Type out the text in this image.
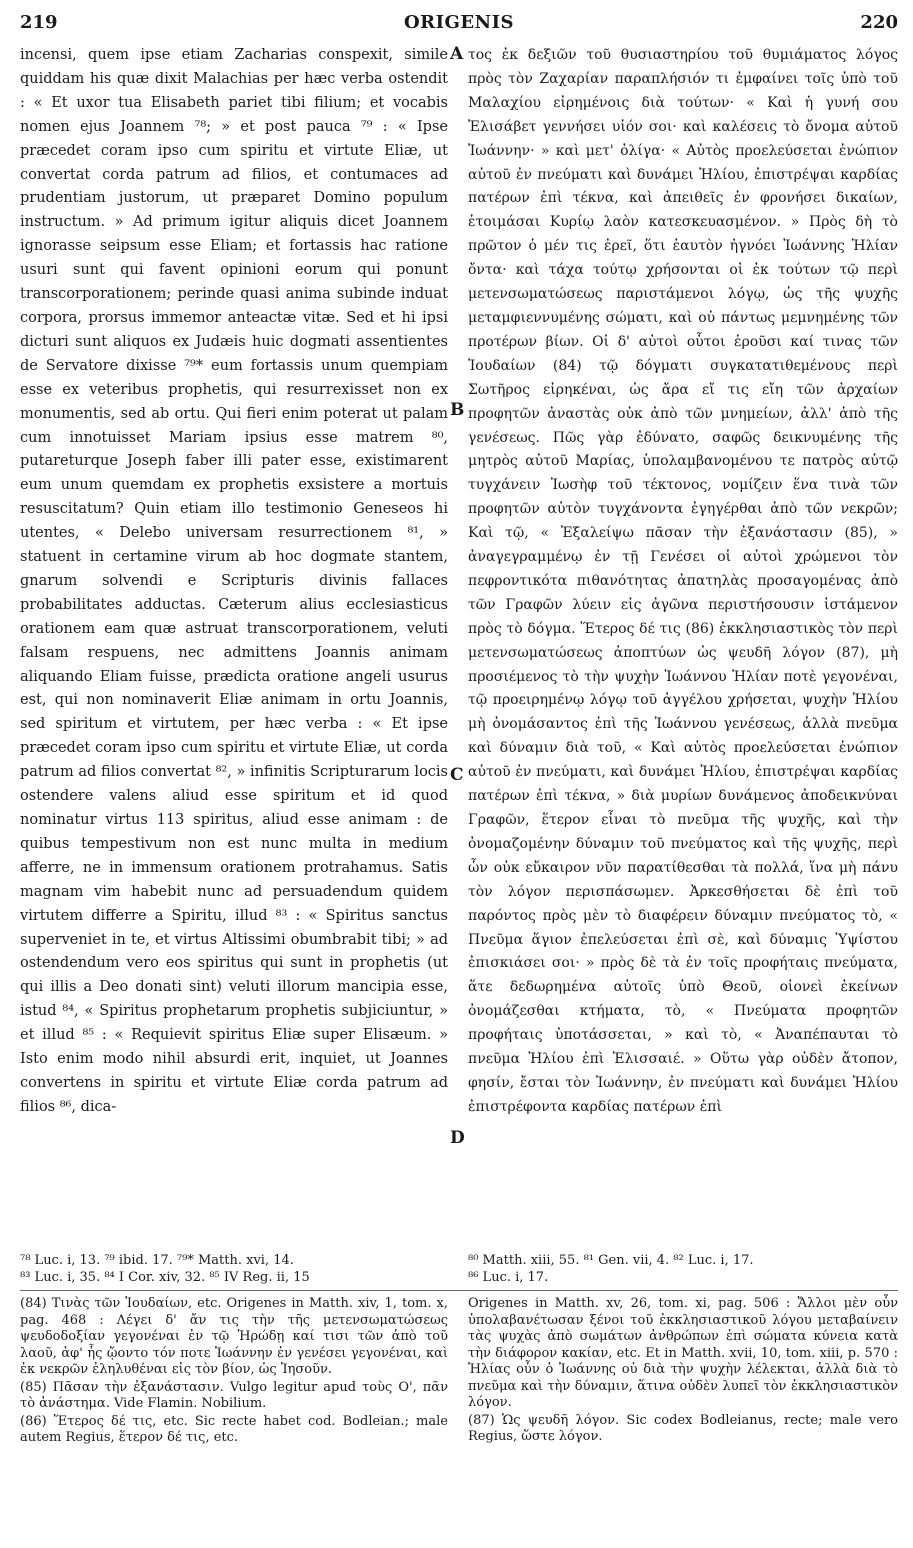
219	ORIGENIS	220

incensi, quem ipse etiam Zacharias conspexit, simile quiddam his quæ dixit Malachias per hæc verba ostendit : « Et uxor tua Elisabeth pariet tibi filium; et vocabis nomen ejus Joannem ⁷⁸; » et post pauca ⁷⁹ : « Ipse præcedet coram ipso cum spiritu et virtute Eliæ, ut convertat corda patrum ad filios, et contumaces ad prudentiam justorum, ut præparet Domino populum instructum. » Ad primum igitur aliquis dicet Joannem ignorasse seipsum esse Eliam; et fortassis hac ratione usuri sunt qui favent opinioni eorum qui ponunt transcorporationem; perinde quasi anima subinde induat corpora, prorsus immemor anteactæ vitæ. Sed et hi ipsi dicturi sunt aliquos ex Judæis huic dogmati assentientes de Servatore dixisse ⁷⁹* eum fortassis unum quempiam esse ex veteribus prophetis, qui resurrexisset non ex monumentis, sed ab ortu. Qui fieri enim poterat ut palam cum innotuisset Mariam ipsius esse matrem ⁸⁰, putareturque Joseph faber illi pater esse, existimarent eum unum quemdam ex prophetis exsistere a mortuis resuscitatum? Quin etiam illo testimonio Geneseos hi utentes, « Delebo universam resurrectionem ⁸¹, » statuent in certamine virum ab hoc dogmate stantem, gnarum solvendi e Scripturis divinis fallaces probabilitates adductas. Cæterum alius ecclesiasticus orationem eam quæ astruat transcorporationem, veluti falsam respuens, nec admittens Joannis animam aliquando Eliam fuisse, prædicta oratione angeli usurus est, qui non nominaverit Eliæ animam in ortu Joannis, sed spiritum et virtutem, per hæc verba : « Et ipse præcedet coram ipso cum spiritu et virtute Eliæ, ut corda patrum ad filios convertat ⁸², » infinitis Scripturarum locis ostendere valens aliud esse spiritum et id quod nominatur virtus 113 spiritus, aliud esse animam : de quibus tempestivum non est nunc multa in medium afferre, ne in immensum orationem protrahamus. Satis magnam vim habebit nunc ad persuadendum quidem virtutem differre a Spiritu, illud ⁸³ : « Spiritus sanctus superveniet in te, et virtus Altissimi obumbrabit tibi; » ad ostendendum vero eos spiritus qui sunt in prophetis (ut qui illis a Deo donati sint) veluti illorum mancipia esse, istud ⁸⁴, « Spiritus prophetarum prophetis subjiciuntur, » et illud ⁸⁵ : « Requievit spiritus Eliæ super Elisæum. » Isto enim modo nihil absurdi erit, inquiet, ut Joannes convertens in spiritu et virtute Eliæ corda patrum ad filios ⁸⁶, dica-

A
B
C
D

τος ἐκ δεξιῶν τοῦ θυσιαστηρίου τοῦ θυμιάματος λόγος πρὸς τὸν Ζαχαρίαν παραπλήσιόν τι ἐμφαίνει τοῖς ὑπὸ τοῦ Μαλαχίου εἰρημένοις διὰ τούτων· « Καὶ ἡ γυνή σου Ἐλισάβετ γεννήσει υἱόν σοι· καὶ καλέσεις τὸ ὄνομα αὐτοῦ Ἰωάννην· » καὶ μετ' ὀλίγα· « Αὐτὸς προελεύσεται ἐνώπιον αὐτοῦ ἐν πνεύματι καὶ δυνάμει Ἠλίου, ἐπιστρέψαι καρδίας πατέρων ἐπὶ τέκνα, καὶ ἀπειθεῖς ἐν φρονήσει δικαίων, ἑτοιμάσαι Κυρίῳ λαὸν κατεσκευασμένον. » Πρὸς δὴ τὸ πρῶτον ὁ μέν τις ἐρεῖ, ὅτι ἑαυτὸν ἠγνόει Ἰωάννης Ἠλίαν ὄντα· καὶ τάχα τούτῳ χρήσονται οἱ ἐκ τούτων τῷ περὶ μετενσωματώσεως παριστάμενοι λόγῳ, ὡς τῆς ψυχῆς μεταμφιεννυμένης σώματι, καὶ οὐ πάντως μεμνημένης τῶν προτέρων βίων. Οἱ δ' αὐτοὶ οὗτοι ἐροῦσι καί τινας τῶν Ἰουδαίων (84) τῷ δόγματι συγκατατιθεμένους περὶ Σωτῆρος εἰρηκέναι, ὡς ἄρα εἴ τις εἴη τῶν ἀρχαίων προφητῶν ἀναστὰς οὐκ ἀπὸ τῶν μνημείων, ἀλλ' ἀπὸ τῆς γενέσεως. Πῶς γὰρ ἐδύνατο, σαφῶς δεικνυμένης τῆς μητρὸς αὐτοῦ Μαρίας, ὑπολαμβανομένου τε πατρὸς αὐτῷ τυγχάνειν Ἰωσὴφ τοῦ τέκτονος, νομίζειν ἕνα τινὰ τῶν προφητῶν αὐτὸν τυγχάνοντα ἐγηγέρθαι ἀπὸ τῶν νεκρῶν; Καὶ τῷ, « Ἐξαλείψω πᾶσαν τὴν ἐξανάστασιν (85), » ἀναγεγραμμένῳ ἐν τῇ Γενέσει οἱ αὐτοὶ χρώμενοι τὸν πεφροντικότα πιθανότητας ἀπατηλὰς προσαγομένας ἀπὸ τῶν Γραφῶν λύειν εἰς ἀγῶνα περιστήσουσιν ἱστάμενον πρὸς τὸ δόγμα. Ἕτερος δέ τις (86) ἐκκλησιαστικὸς τὸν περὶ μετενσωματώσεως ἀποπτύων ὡς ψευδῆ λόγον (87), μὴ προσιέμενος τὸ τὴν ψυχὴν Ἰωάννου Ἠλίαν ποτὲ γεγονέναι, τῷ προειρημένῳ λόγῳ τοῦ ἀγγέλου χρήσεται, ψυχὴν Ἠλίου μὴ ὀνομάσαντος ἐπὶ τῆς Ἰωάννου γενέσεως, ἀλλὰ πνεῦμα καὶ δύναμιν διὰ τοῦ, « Καὶ αὐτὸς προελεύσεται ἐνώπιον αὐτοῦ ἐν πνεύματι, καὶ δυνάμει Ἠλίου, ἐπιστρέψαι καρδίας πατέρων ἐπὶ τέκνα, » διὰ μυρίων δυνάμενος ἀποδεικνύναι Γραφῶν, ἕτερον εἶναι τὸ πνεῦμα τῆς ψυχῆς, καὶ τὴν ὀνομαζομένην δύναμιν τοῦ πνεύματος καὶ τῆς ψυχῆς, περὶ ὧν οὐκ εὔκαιρον νῦν παρατίθεσθαι τὰ πολλά, ἵνα μὴ πάνυ τὸν λόγον περισπάσωμεν. Ἀρκεσθήσεται δὲ ἐπὶ τοῦ παρόντος πρὸς μὲν τὸ διαφέρειν δύναμιν πνεύματος τὸ, « Πνεῦμα ἅγιον ἐπελεύσεται ἐπὶ σὲ, καὶ δύναμις Ὑψίστου ἐπισκιάσει σοι· » πρὸς δὲ τὰ ἐν τοῖς προφήταις πνεύματα, ἅτε δεδωρημένα αὐτοῖς ὑπὸ Θεοῦ, οἱονεὶ ἐκείνων ὀνομάζεσθαι κτήματα, τὸ, « Πνεύματα προφητῶν προφήταις ὑποτάσσεται, » καὶ τὸ, « Ἀναπέπαυται τὸ πνεῦμα Ἠλίου ἐπὶ Ἐλισσαιέ. » Οὕτω γὰρ οὐδὲν ἄτοπον, φησίν, ἔσται τὸν Ἰωάννην, ἐν πνεύματι καὶ δυνάμει Ἠλίου ἐπιστρέφοντα καρδίας πατέρων ἐπὶ

⁷⁸ Luc. i, 13. ⁷⁹ ibid. 17. ⁷⁹* Matth. xvi, 14.
⁸³ Luc. i, 35. ⁸⁴ I Cor. xiv, 32. ⁸⁵ IV Reg. ii, 15
⁸⁰ Matth. xiii, 55. ⁸¹ Gen. vii, 4. ⁸² Luc. i, 17.
⁸⁶ Luc. i, 17.

(84) Τινὰς τῶν Ἰουδαίων, etc. Origenes in Matth. xiv, 1, tom. x, pag. 468 : Λέγει δ' ἄν τις τὴν τῆς μετενσωματώσεως ψευδοδοξίαν γεγονέναι ἐν τῷ Ἡρώδῃ καί τισι τῶν ἀπὸ τοῦ λαοῦ, ἀφ' ἧς ᾤοντο τόν ποτε Ἰωάννην ἐν γενέσει γεγονέναι, καὶ ἐκ νεκρῶν ἐληλυθέναι εἰς τὸν βίον, ὡς Ἰησοῦν.

(85) Πᾶσαν τὴν ἐξανάστασιν. Vulgo legitur apud τοὺς Ο', πᾶν τὸ ἀνάστημα. Vide Flamin. Nobilium.

(86) Ἕτερος δέ τις, etc. Sic recte habet cod. Bodleian.; male autem Regius, ἕτερον δέ τις, etc.

Origenes in Matth. xv, 26, tom. xi, pag. 506 : Ἄλλοι μὲν οὖν ὑπολαβανέτωσαν ξένοι τοῦ ἐκκλησιαστικοῦ λόγου μεταβαίνειν τὰς ψυχὰς ἀπὸ σωμάτων ἀνθρώπων ἐπὶ σώματα κύνεια κατὰ τὴν διάφορον κακίαν, etc. Et in Matth. xvii, 10, tom. xiii, p. 570 : Ἠλίας οὖν ὁ Ἰωάννης οὐ διὰ τὴν ψυχὴν λέλεκται, ἀλλὰ διὰ τὸ πνεῦμα καὶ τὴν δύναμιν, ἅτινα οὐδὲν λυπεῖ τὸν ἐκκλησιαστικὸν λόγον.

(87) Ὡς ψευδῆ λόγον. Sic codex Bodleianus, recte; male vero Regius, ὥστε λόγον.
